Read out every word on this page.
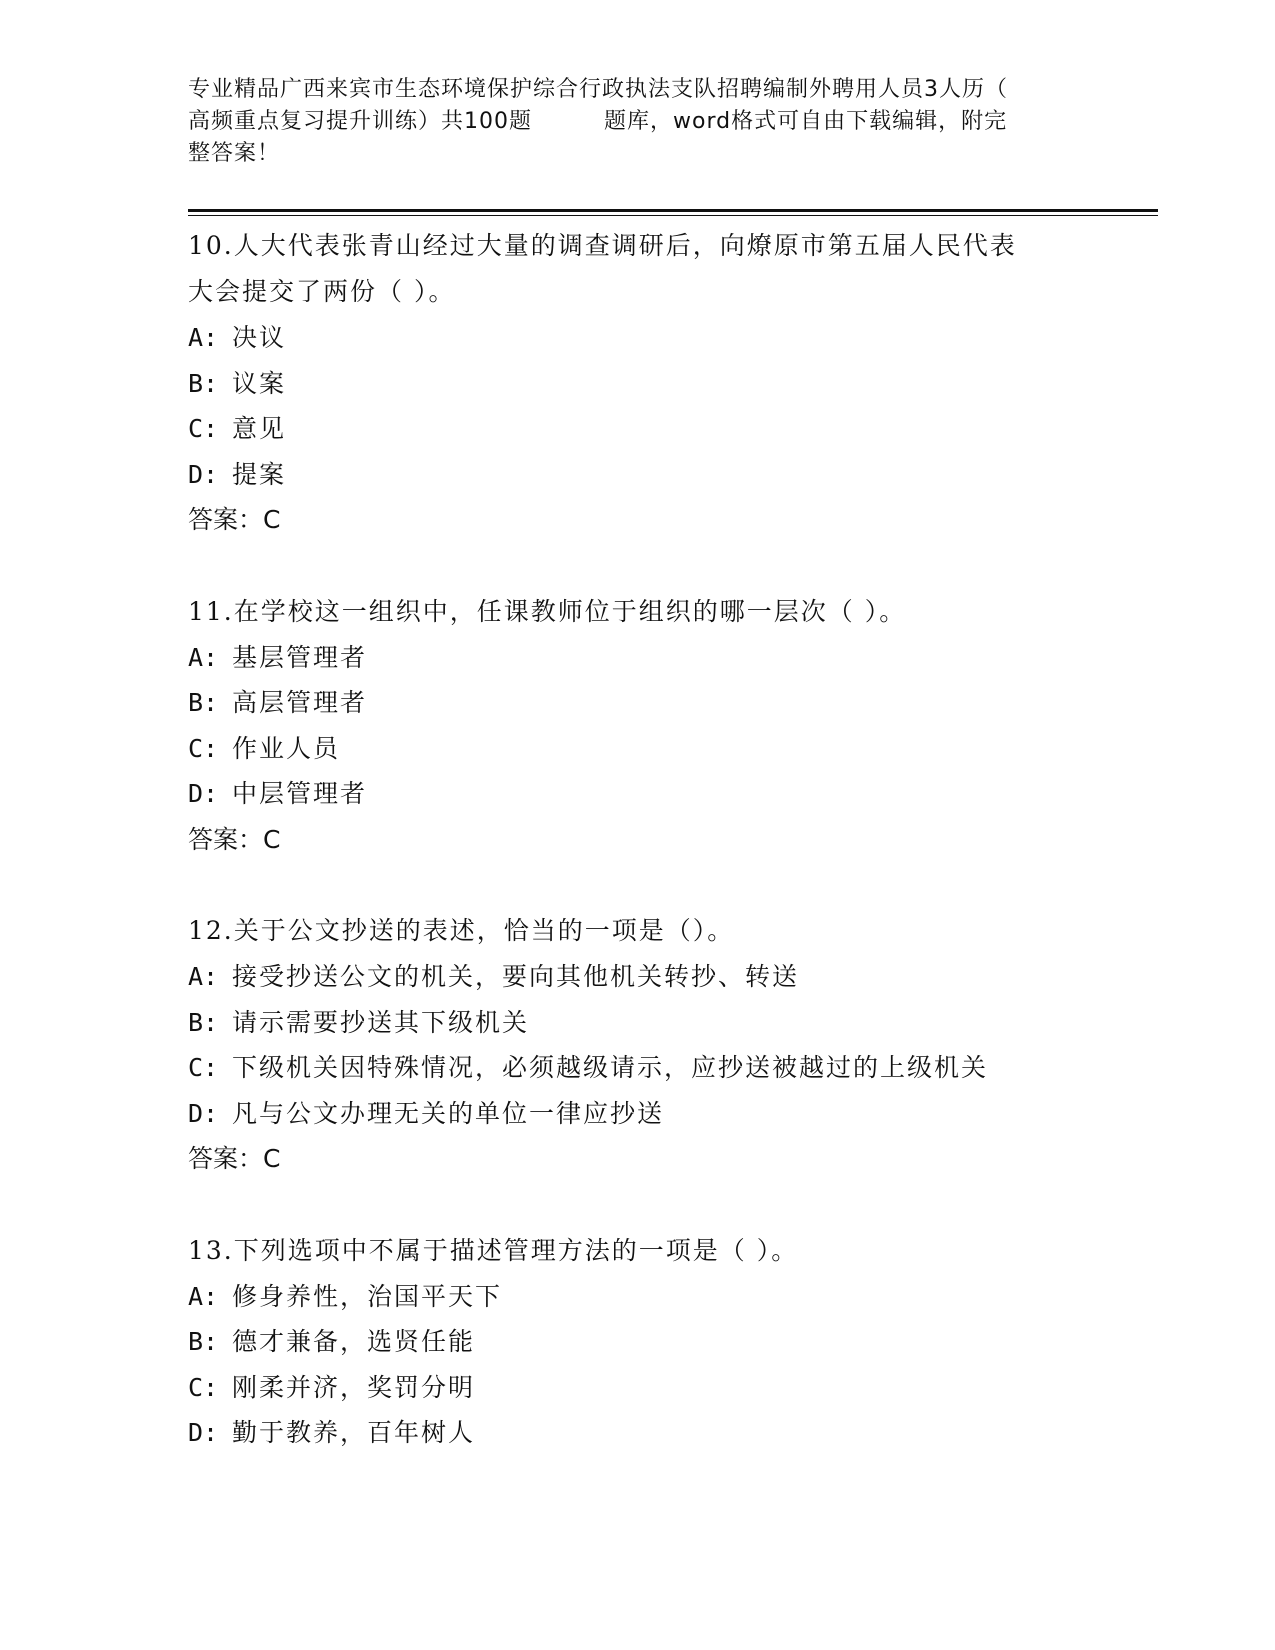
专业精品广西来宾市生态环境保护综合行政执法支队招聘编制外聘用人员3人历（
高频重点复习提升训练）共100题	题库，word格式可自由下载编辑，附完
整答案！
10.人大代表张青山经过大量的调查调研后，向燎原市第五届人民代表
大会提交了两份（ ）。
A: 决议
B: 议案
C: 意见
D: 提案
答案：C
11.在学校这一组织中，任课教师位于组织的哪一层次（ ）。
A: 基层管理者
B: 高层管理者
C: 作业人员
D: 中层管理者
答案：C
12.关于公文抄送的表述，恰当的一项是（）。
A: 接受抄送公文的机关，要向其他机关转抄、转送
B: 请示需要抄送其下级机关
C: 下级机关因特殊情况，必须越级请示，应抄送被越过的上级机关
D: 凡与公文办理无关的单位一律应抄送
答案：C
13.下列选项中不属于描述管理方法的一项是（ ）。
A: 修身养性，治国平天下
B: 德才兼备，选贤任能
C: 刚柔并济，奖罚分明
D: 勤于教养，百年树人
